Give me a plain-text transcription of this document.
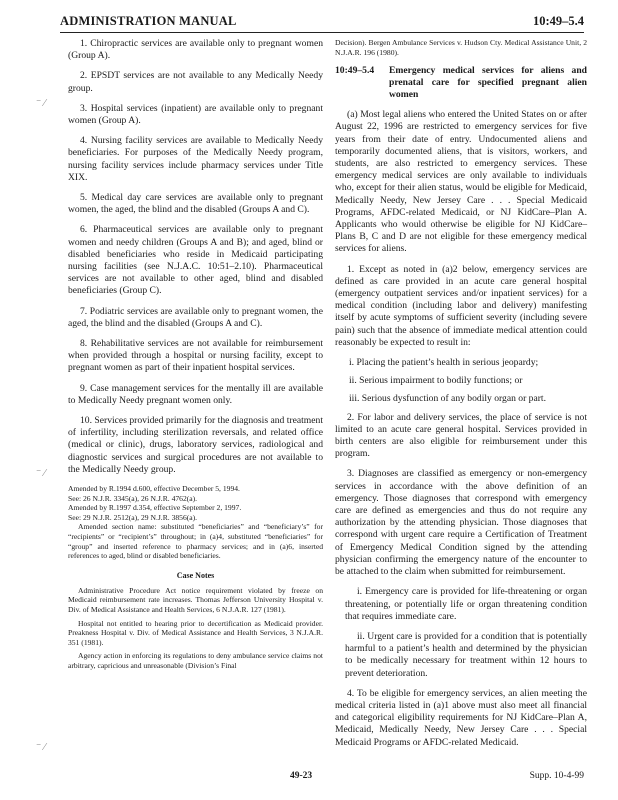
ADMINISTRATION MANUAL	10:49–5.4
⁻ ⁄
⁻ ⁄
⁻ ⁄

1. Chiropractic services are available only to pregnant women (Group A).

2. EPSDT services are not available to any Medically Needy group.

3. Hospital services (inpatient) are available only to pregnant women (Group A).

4. Nursing facility services are available to Medically Needy beneficiaries. For purposes of the Medically Needy program, nursing facility services include pharmacy services under Title XIX.

5. Medical day care services are available only to pregnant women, the aged, the blind and the disabled (Groups A and C).

6. Pharmaceutical services are available only to pregnant women and needy children (Groups A and B); and aged, blind or disabled beneficiaries who reside in Medicaid participating nursing facilities (see N.J.A.C. 10:51–2.10). Pharmaceutical services are not available to other aged, blind and disabled beneficiaries (Group C).

7. Podiatric services are available only to pregnant women, the aged, the blind and the disabled (Groups A and C).

8. Rehabilitative services are not available for reimbursement when provided through a hospital or nursing facility, except to pregnant women as part of their inpatient hospital services.

9. Case management services for the mentally ill are available to Medically Needy pregnant women only.

10. Services provided primarily for the diagnosis and treatment of infertility, including sterilization reversals, and related office (medical or clinic), drugs, laboratory services, radiological and diagnostic services and surgical procedures are not available to the Medically Needy group.

Amended by R.1994 d.600, effective December 5, 1994.

See: 26 N.J.R. 3345(a), 26 N.J.R. 4762(a).

Amended by R.1997 d.354, effective September 2, 1997.

See: 29 N.J.R. 2512(a), 29 N.J.R. 3856(a).

Amended section name: substituted “beneficiaries” and “beneficiary’s” for “recipients” or “recipient’s” throughout; in (a)4, substituted “beneficiaries” for “group” and inserted reference to pharmacy services; and in (a)6, inserted references to aged, blind or disabled beneficiaries.

Case Notes

Administrative Procedure Act notice requirement violated by freeze on Medicaid reimbursement rate increases. Thomas Jefferson University Hospital v. Div. of Medical Assistance and Health Services, 6 N.J.A.R. 127 (1981).

Hospital not entitled to hearing prior to decertification as Medicaid provider. Preakness Hospital v. Div. of Medical Assistance and Health Services, 3 N.J.A.R. 351 (1981).

Agency action in enforcing its regulations to deny ambulance service claims not arbitrary, capricious and unreasonable (Division’s Final

Decision). Bergen Ambulance Services v. Hudson Cty. Medical Assistance Unit, 2 N.J.A.R. 196 (1980).

10:49–5.4 Emergency medical services for aliens and prenatal care for specified pregnant alien women

(a) Most legal aliens who entered the United States on or after August 22, 1996 are restricted to emergency services for five years from their date of entry. Undocumented aliens and temporarily documented aliens, that is visitors, workers, and students, are also restricted to emergency services. These emergency medical services are only available to individuals who, except for their alien status, would be eligible for Medicaid, Medically Needy, New Jersey Care . . . Special Medicaid Programs, AFDC-related Medicaid, or NJ KidCare–Plan A. Applicants who would otherwise be eligible for NJ KidCare–Plans B, C and D are not eligible for these emergency medical services for aliens.

1. Except as noted in (a)2 below, emergency services are defined as care provided in an acute care general hospital (emergency outpatient services and/or inpatient services) for a medical condition (including labor and delivery) manifesting itself by acute symptoms of sufficient severity (including severe pain) such that the absence of immediate medical attention could reasonably be expected to result in:

i. Placing the patient’s health in serious jeopardy;
ii. Serious impairment to bodily functions; or
iii. Serious dysfunction of any bodily organ or part.

2. For labor and delivery services, the place of service is not limited to an acute care general hospital. Services provided in birth centers are also eligible for reimbursement under this program.

3. Diagnoses are classified as emergency or non-emergency services in accordance with the above definition of an emergency. Those diagnoses that correspond with emergency care are defined as emergencies and thus do not require any authorization by the attending physician. Those diagnoses that correspond with urgent care require a Certification of Treatment of Emergency Medical Condition signed by the attending physician confirming the emergency nature of the encounter to be attached to the claim when submitted for reimbursement.

i. Emergency care is provided for life-threatening or organ threatening, or potentially life or organ threatening condition that requires immediate care.

ii. Urgent care is provided for a condition that is potentially harmful to a patient’s health and determined by the physician to be medically necessary for treatment within 12 hours to prevent deterioration.

4. To be eligible for emergency services, an alien meeting the medical criteria listed in (a)1 above must also meet all financial and categorical eligibility requirements for NJ KidCare–Plan A, Medicaid, Medically Needy, New Jersey Care . . . Special Medicaid Programs or AFDC-related Medicaid.

49-23	Supp. 10-4-99
